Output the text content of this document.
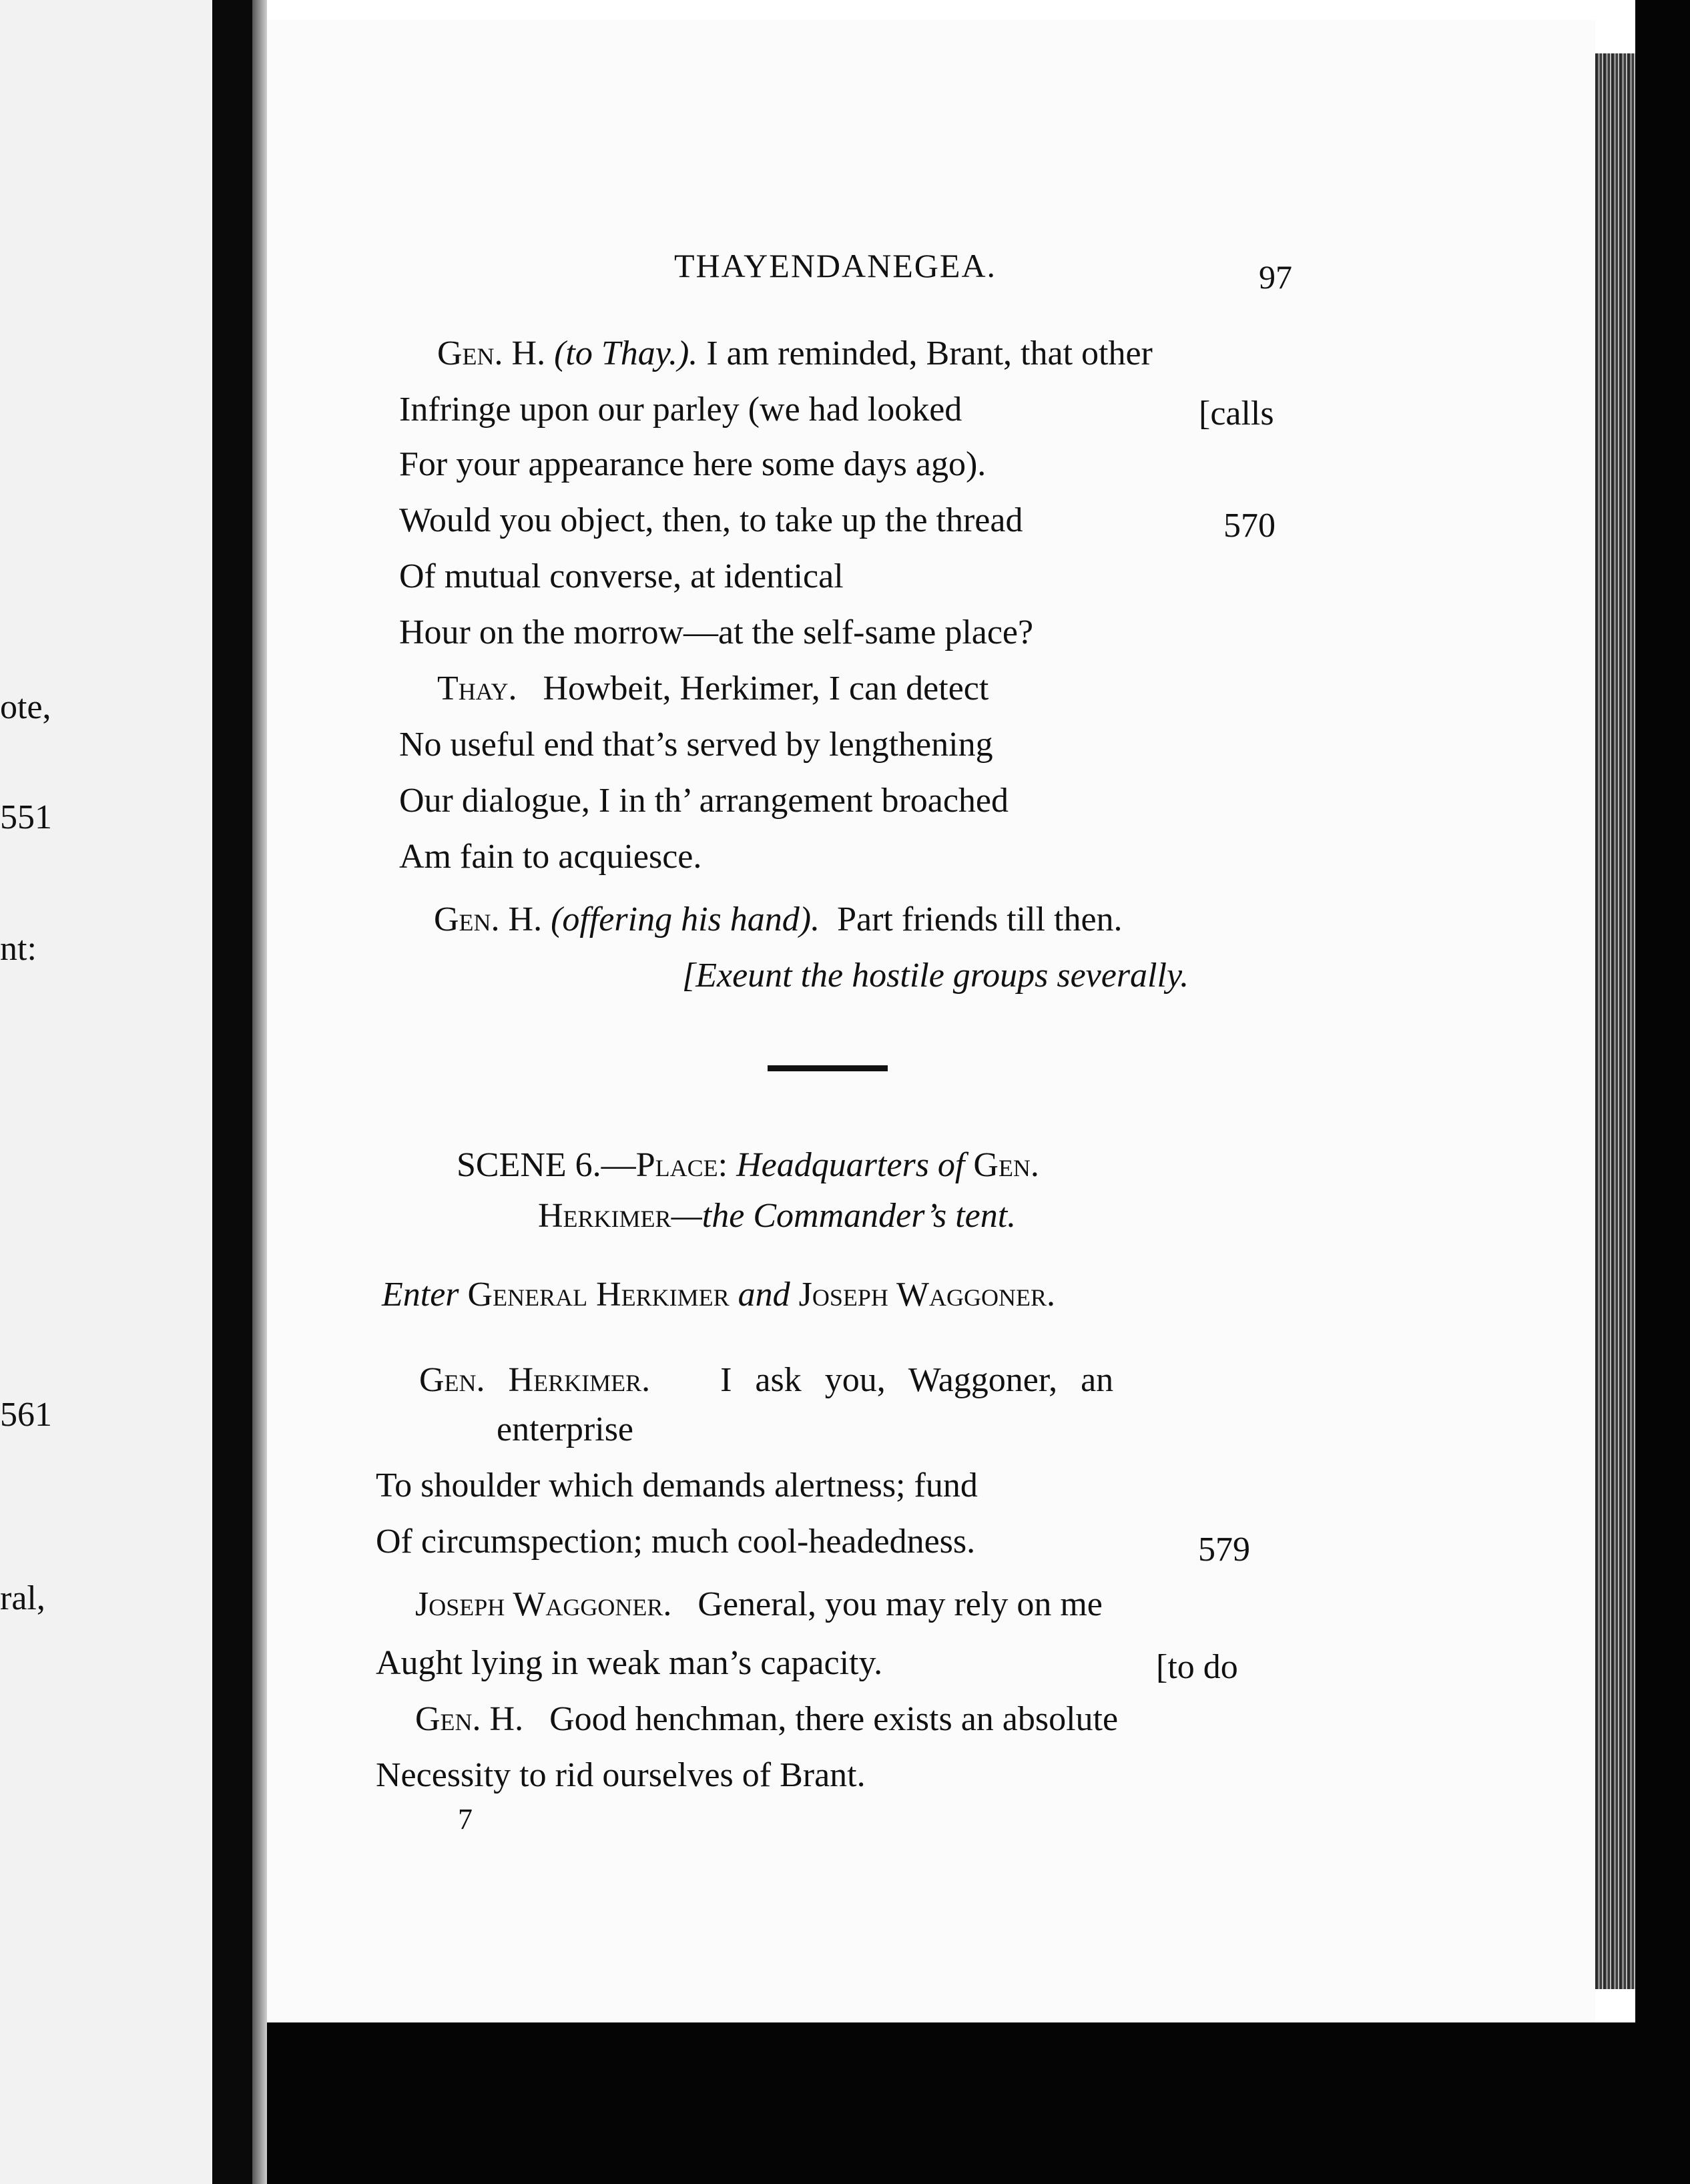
ote,
551
nt:
561
ral,
THAYENDANEGEA.	97
Gen. H. (to Thay.). I am reminded, Brant, that other
Infringe upon our parley (we had looked	[calls
For your appearance here some days ago).
Would you object, then, to take up the thread	570
Of mutual converse, at identical
Hour on the morrow—at the self-same place?
Thay. Howbeit, Herkimer, I can detect
No useful end that’s served by lengthening
Our dialogue, I in th’ arrangement broached
Am fain to acquiesce.
Gen. H. (offering his hand). Part friends till then.
[Exeunt the hostile groups severally.
SCENE 6.—Place: Headquarters of Gen.
Herkimer—the Commander’s tent.
Enter General Herkimer and Joseph Waggoner.
Gen. Herkimer. I ask you, Waggoner, an
enterprise
To shoulder which demands alertness; fund
Of circumspection; much cool-headedness.	579
Joseph Waggoner. General, you may rely on me
Aught lying in weak man’s capacity.	[to do
Gen. H. Good henchman, there exists an absolute
Necessity to rid ourselves of Brant.
7
